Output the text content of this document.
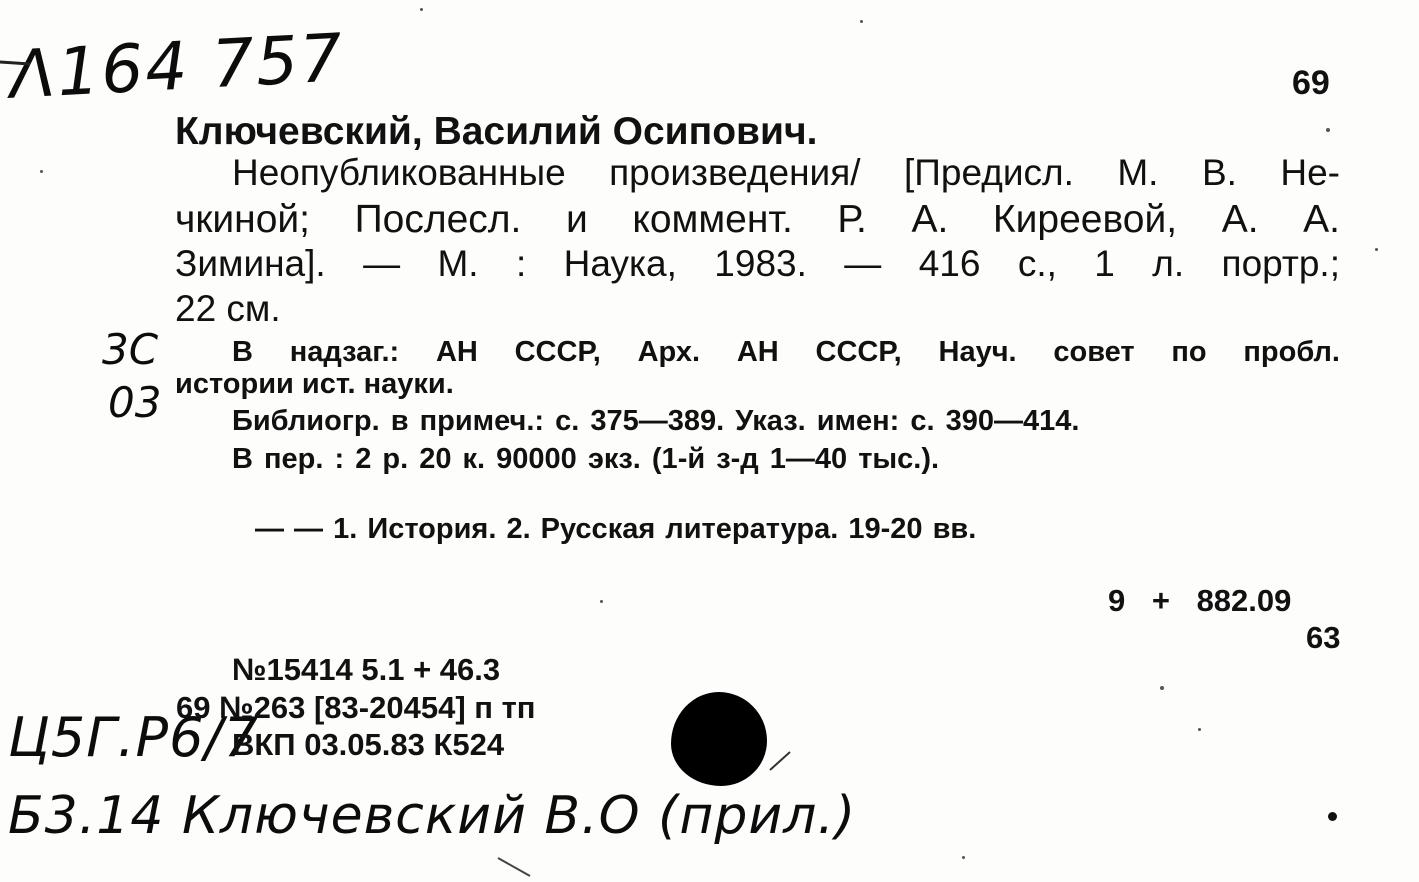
Λ164 757
3С
03
Ц5Г.Р6/7
Б3.14 Ключевский В.О (прил.)
69
Ключевский, Василий Осипович.
Неопубликованные произведения/ [Предисл. М. В. Не-
чкиной; Послесл. и коммент. Р. А. Киреевой, А. А.
Зимина]. — М. : Наука, 1983. — 416 с., 1 л. портр.;
22 см.
В надзаг.: АН СССР, Арх. АН СССР, Науч. совет по пробл.
истории ист. науки.
Библиогр. в примеч.: с. 375—389. Указ. имен: с. 390—414.
В пер. : 2 р. 20 к. 90000 экз. (1-й з-д 1—40 тыс.).
— — 1. История. 2. Русская литература. 19-20 вв.
9 + 882.09
63
№15414 5.1 + 46.3
69 №263 [83-20454] п тп
ВКП 03.05.83 К524
